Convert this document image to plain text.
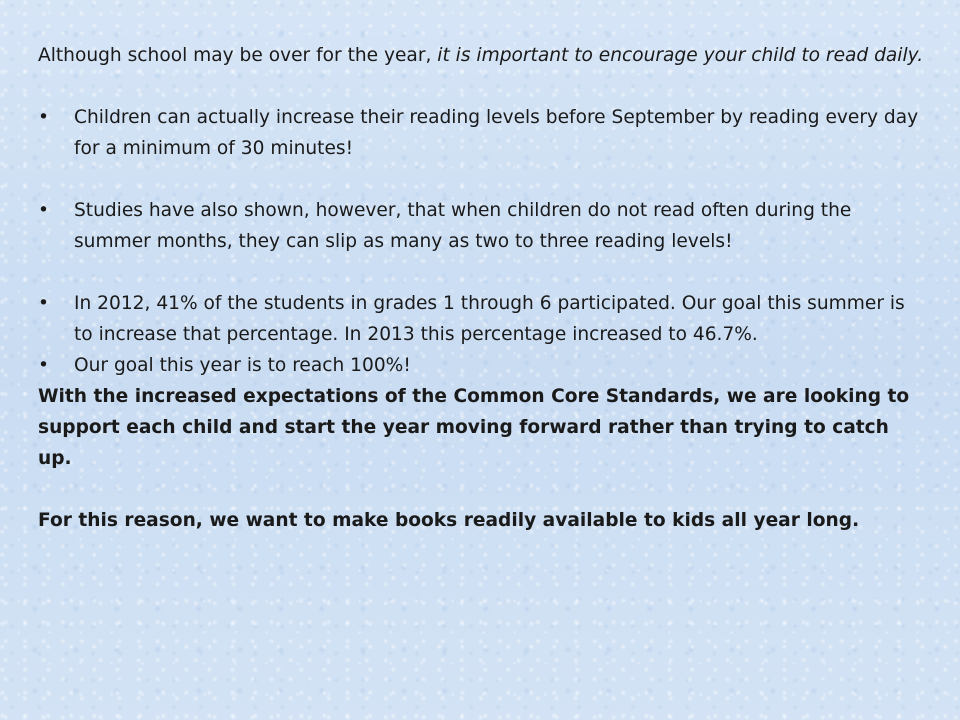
Although school may be over for the year, it is important to encourage your child to read daily.

• Children can actually increase their reading levels before September by reading every day for a minimum of 30 minutes!

• Studies have also shown, however, that when children do not read often during the summer months, they can slip as many as two to three reading levels!

• In 2012, 41% of the students in grades 1 through 6 participated. Our goal this summer is to increase that percentage. In 2013 this percentage increased to 46.7%.

• Our goal this year is to reach 100%!

With the increased expectations of the Common Core Standards, we are looking to support each child and start the year moving forward rather than trying to catch up.

For this reason, we want to make books readily available to kids all year long.
